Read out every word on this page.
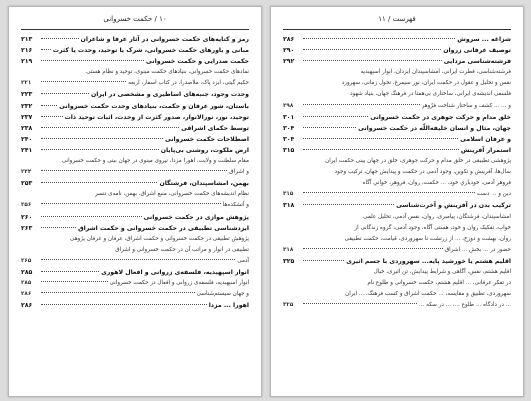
۱۰ / حکمت خسروانی
رمز و کنایه‌های حکمت خسروانی در آثار عرفا و شاعران
۲۱۳
مبانی و باورهای حکمت خسروانی، شرک یا توحید، وحدت یا کثرت
۲۱۶
حکمت صدرایی و حکمت خسروانی
۲۱۹
نمادهای حکمت خسروانی، بنیادهای حکمت مینوی، توحید و نظام هستی
حکیم گیتی، ایزد پاک، ملاصدرا، در کتاب اسفار، اربعه
۲۲۱
وحدت وجود، جنبه‌های اساطیری و مشخصی در ایران
۲۲۳
باستان، شور عرفان و حکمت، بنیادهای وحدت حکمت خسروانی
۲۳۲
توحید، نور، نورالانوار، صدور کثرت از وحدت، اثبات توحید ذات
۲۳۷
توسط حکمای اشراقی
۲۳۸
اصطلاحات حکمت خسروانی
۲۴۰
ارض ملکوت، روشنی بی‌پایان
۲۴۱
مقام سلطنت و ولایت، اهورا مزدا، نیروی مینوی در جهان بینی و حکمت خسروانی
و اشراق
۲۴۴
بهمن، امشاسپندان، فرشتگان
۲۵۳
نظام اندیشه‌های حکمت خسروانی، منبع اشراق، بهمن، نامه‌ی تنسر
و آتشکده‌ها
۲۵۶
پژوهش موازی در حکمت خسروانی
۲۶۰
ایزدشناسی تطبیقی در حکمت خسروانی و حکمت اشراق
۲۶۳
پژوهش تطبیقی در حکمت خسروانی و حکمت اشراق، عرفان و عرفان پژوهی
تطبیقی در انوار و مراتب آن در حکمت خسروانی و اشراق
آدمی
۲۶۵
انوار اسپهبدیه، فلسفه‌ی زروانی و افعال لاهوری
۲۸۵
انوار اسپهبدیه، فلسفه‌ی زروانی و افعال در حکمت خسروانی
۲۸۵
و جهان سیستم‌شناسی
۲۸۶
اهورا ... مزدا
۲۸۶
فهرست / ۱۱
شزاغه ... سروش
۲۸۶
توصیف عرفانی زروان
۲۹۰
فرشته‌شناسی مزدایی
۲۹۲
فرشته‌شناسی، فطرت ایرانی، امشاسپندان ایزدان، انوار اسپهبدیه
نفس و تحلیل و عقول در حکمت ایران، نور سیمرغ، تحول زمانی، سهرورد
فلسفی اندیشه‌ی ایرانی، ساختاری بی‌همتا در فرهنگ جهان، بنیاد شهود
و ... ... کشف و ساختار شناخت فرّوهر
۲۹۸
خلق مدام و حرکت جوهری در حکمت خسروانی
۳۰۱
جهان، مثال و انسان خلیفه‌اللّه در حکمت خسروانی
۳۰۴
و عرفان اسلامی
۳۰۴
استمرار آفرینش
۳۱۵
پژوهشی تطبیقی در خلق مدام و حرکت جوهری، خلق در جهان بینی حکمت ایران
سال‌ها، آفرینش و تکوین، وجود آدمی در حکمت و پیدایش جهان، ترکیب وجود
فروهر آدمی، خودیاریِ خود، ... حکمت، روان، فروهر، خوانیِ آگاه
دین و ... دست
۳۱۵
ترکیب بدن در آفرینش و آخرت‌شناسی
۳۱۸
امشاسپندان، فرشتگان، پیامبری، روان، نفس آدمی، تحلیل علمی
خواب، تفکیک روان و خود، هستی آگاه، وجود آدمی، گروه زندگانی از
روان، بهشت و دوزخ، ... از زرتشت تا سهروردی، قیامت، حکمت تطبیقی
حضور در ... بخش ... اشراق
۳۱۸
اقلیم هشتم یا خورشید پایه... سهروردی با جسم اثیری
۳۲۵
اقلیم هشتم، نفس، آگاهی و شرایط پیدایش، تن اثیری، خیال
در تفکر عرفانی، ... اقلیم هشتم، حکمت خسروانی و طلوع نام
سهروردی، تطبیق و مقایسه، ... حکمت اشراق و کسب فرهنگ، ... ایران
... در دادگاه ... طلوع ...، ... در سکه ...
۳۲۵
